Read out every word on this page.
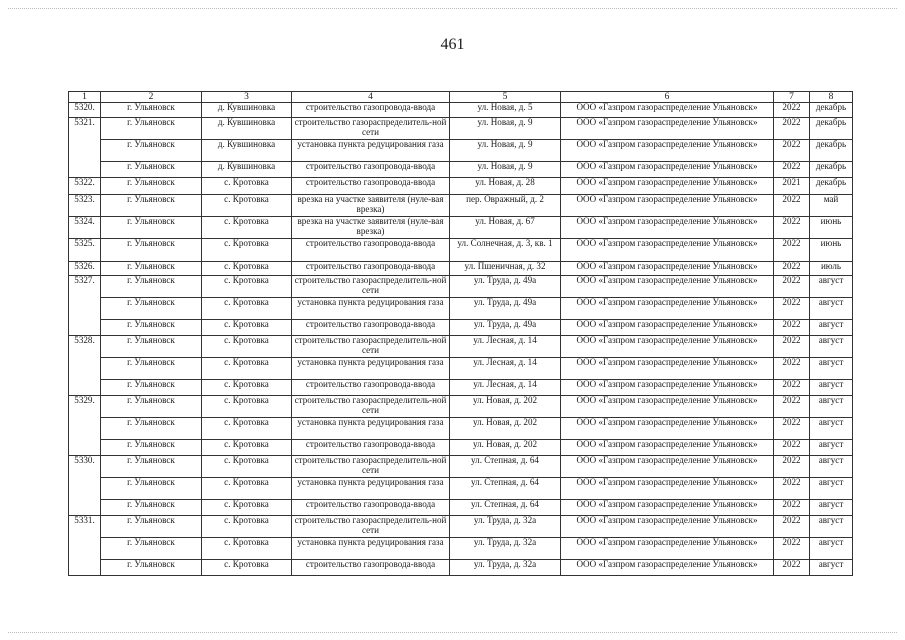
461
1	2	3	4	5	6	7	8
5320.	г. Ульяновск	д. Кувшиновка	строительство газопровода-ввода	ул. Новая, д. 5	ООО «Газпром газораспределение Ульяновск»	2022	декабрь
5321.	г. Ульяновск	д. Кувшиновка	строительство газораспределитель-ной сети	ул. Новая, д. 9	ООО «Газпром газораспределение Ульяновск»	2022	декабрь
	г. Ульяновск	д. Кувшиновка	установка пункта редуцирования газа	ул. Новая, д. 9	ООО «Газпром газораспределение Ульяновск»	2022	декабрь
	г. Ульяновск	д. Кувшиновка	строительство газопровода-ввода	ул. Новая, д. 9	ООО «Газпром газораспределение Ульяновск»	2022	декабрь
5322.	г. Ульяновск	с. Кротовка	строительство газопровода-ввода	ул. Новая, д. 28	ООО «Газпром газораспределение Ульяновск»	2021	декабрь
5323.	г. Ульяновск	с. Кротовка	врезка на участке заявителя (нуле-вая врезка)	пер. Овражный, д. 2	ООО «Газпром газораспределение Ульяновск»	2022	май
5324.	г. Ульяновск	с. Кротовка	врезка на участке заявителя (нуле-вая врезка)	ул. Новая, д. 67	ООО «Газпром газораспределение Ульяновск»	2022	июнь
5325.	г. Ульяновск	с. Кротовка	строительство газопровода-ввода	ул. Солнечная, д. 3, кв. 1	ООО «Газпром газораспределение Ульяновск»	2022	июнь
5326.	г. Ульяновск	с. Кротовка	строительство газопровода-ввода	ул. Пшеничная, д. 32	ООО «Газпром газораспределение Ульяновск»	2022	июль
5327.	г. Ульяновск	с. Кротовка	строительство газораспределитель-ной сети	ул. Труда, д. 49а	ООО «Газпром газораспределение Ульяновск»	2022	август
	г. Ульяновск	с. Кротовка	установка пункта редуцирования газа	ул. Труда, д. 49а	ООО «Газпром газораспределение Ульяновск»	2022	август
	г. Ульяновск	с. Кротовка	строительство газопровода-ввода	ул. Труда, д. 49а	ООО «Газпром газораспределение Ульяновск»	2022	август
5328.	г. Ульяновск	с. Кротовка	строительство газораспределитель-ной сети	ул. Лесная, д. 14	ООО «Газпром газораспределение Ульяновск»	2022	август
	г. Ульяновск	с. Кротовка	установка пункта редуцирования газа	ул. Лесная, д. 14	ООО «Газпром газораспределение Ульяновск»	2022	август
	г. Ульяновск	с. Кротовка	строительство газопровода-ввода	ул. Лесная, д. 14	ООО «Газпром газораспределение Ульяновск»	2022	август
5329.	г. Ульяновск	с. Кротовка	строительство газораспределитель-ной сети	ул. Новая, д. 202	ООО «Газпром газораспределение Ульяновск»	2022	август
	г. Ульяновск	с. Кротовка	установка пункта редуцирования газа	ул. Новая, д. 202	ООО «Газпром газораспределение Ульяновск»	2022	август
	г. Ульяновск	с. Кротовка	строительство газопровода-ввода	ул. Новая, д. 202	ООО «Газпром газораспределение Ульяновск»	2022	август
5330.	г. Ульяновск	с. Кротовка	строительство газораспределитель-ной сети	ул. Степная, д. 64	ООО «Газпром газораспределение Ульяновск»	2022	август
	г. Ульяновск	с. Кротовка	установка пункта редуцирования газа	ул. Степная, д. 64	ООО «Газпром газораспределение Ульяновск»	2022	август
	г. Ульяновск	с. Кротовка	строительство газопровода-ввода	ул. Степная, д. 64	ООО «Газпром газораспределение Ульяновск»	2022	август
5331.	г. Ульяновск	с. Кротовка	строительство газораспределитель-ной сети	ул. Труда, д. 32а	ООО «Газпром газораспределение Ульяновск»	2022	август
	г. Ульяновск	с. Кротовка	установка пункта редуцирования газа	ул. Труда, д. 32а	ООО «Газпром газораспределение Ульяновск»	2022	август
	г. Ульяновск	с. Кротовка	строительство газопровода-ввода	ул. Труда, д. 32а	ООО «Газпром газораспределение Ульяновск»	2022	август
